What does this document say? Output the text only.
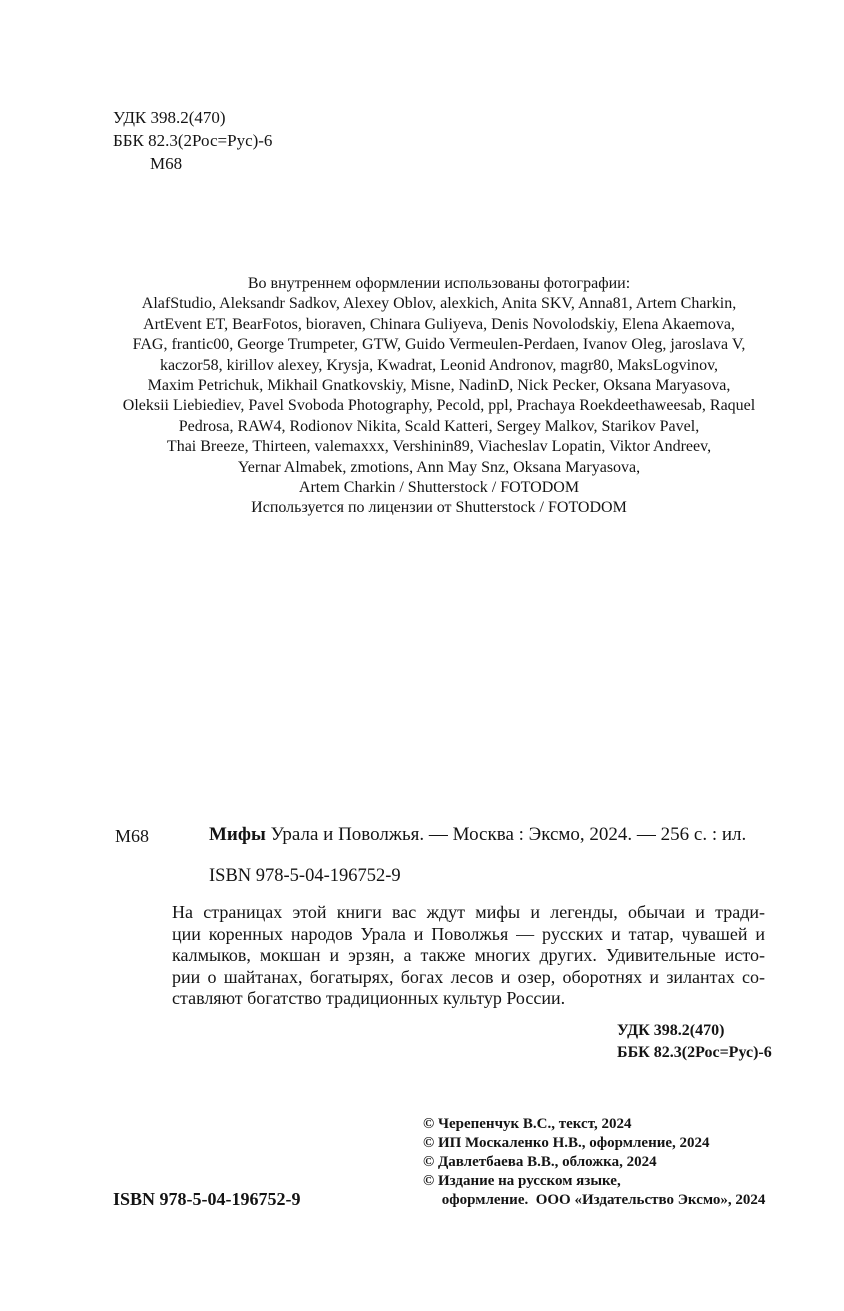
УДК 398.2(470)
ББК 82.3(2Рос=Рус)-6
М68
Во внутреннем оформлении использованы фотографии:
AlafStudio, Aleksandr Sadkov, Alexey Oblov, alexkich, Anita SKV, Anna81, Artem Charkin,
ArtEvent ET, BearFotos, bioraven, Chinara Guliyeva, Denis Novolodskiy, Elena Akaemova,
FAG, frantic00, George Trumpeter, GTW, Guido Vermeulen-Perdaen, Ivanov Oleg, jaroslava V,
kaczor58, kirillov alexey, Krysja, Kwadrat, Leonid Andronov, magr80, MaksLogvinov,
Maxim Petrichuk, Mikhail Gnatkovskiy, Misne, NadinD, Nick Pecker, Oksana Maryasova,
Oleksii Liebiediev, Pavel Svoboda Photography, Pecold, ppl, Prachaya Roekdeethaweesab, Raquel
Pedrosa, RAW4, Rodionov Nikita, Scald Katteri, Sergey Malkov, Starikov Pavel,
Thai Breeze, Thirteen, valemaxxx, Vershinin89, Viacheslav Lopatin, Viktor Andreev,
Yernar Almabek, zmotions, Ann May Snz, Oksana Maryasova,
Artem Charkin / Shutterstock / FOTODOM
Используется по лицензии от Shutterstock / FOTODOM
М68	Мифы Урала и Поволжья. — Москва : Эксмо, 2024. — 256 с. : ил.
ISBN 978-5-04-196752-9
На страницах этой книги вас ждут мифы и легенды, обычаи и тради-
ции коренных народов Урала и Поволжья — русских и татар, чувашей и
калмыков, мокшан и эрзян, а также многих других. Удивительные исто-
рии о шайтанах, богатырях, богах лесов и озер, оборотнях и зилантах со-
ставляют богатство традиционных культур России.
УДК 398.2(470)
ББК 82.3(2Рос=Рус)-6
© Черепенчук В.С., текст, 2024
© ИП Москаленко Н.В., оформление, 2024
© Давлетбаева В.В., обложка, 2024
© Издание на русском языке,
оформление.  ООО «Издательство Эксмо», 2024
ISBN 978-5-04-196752-9
